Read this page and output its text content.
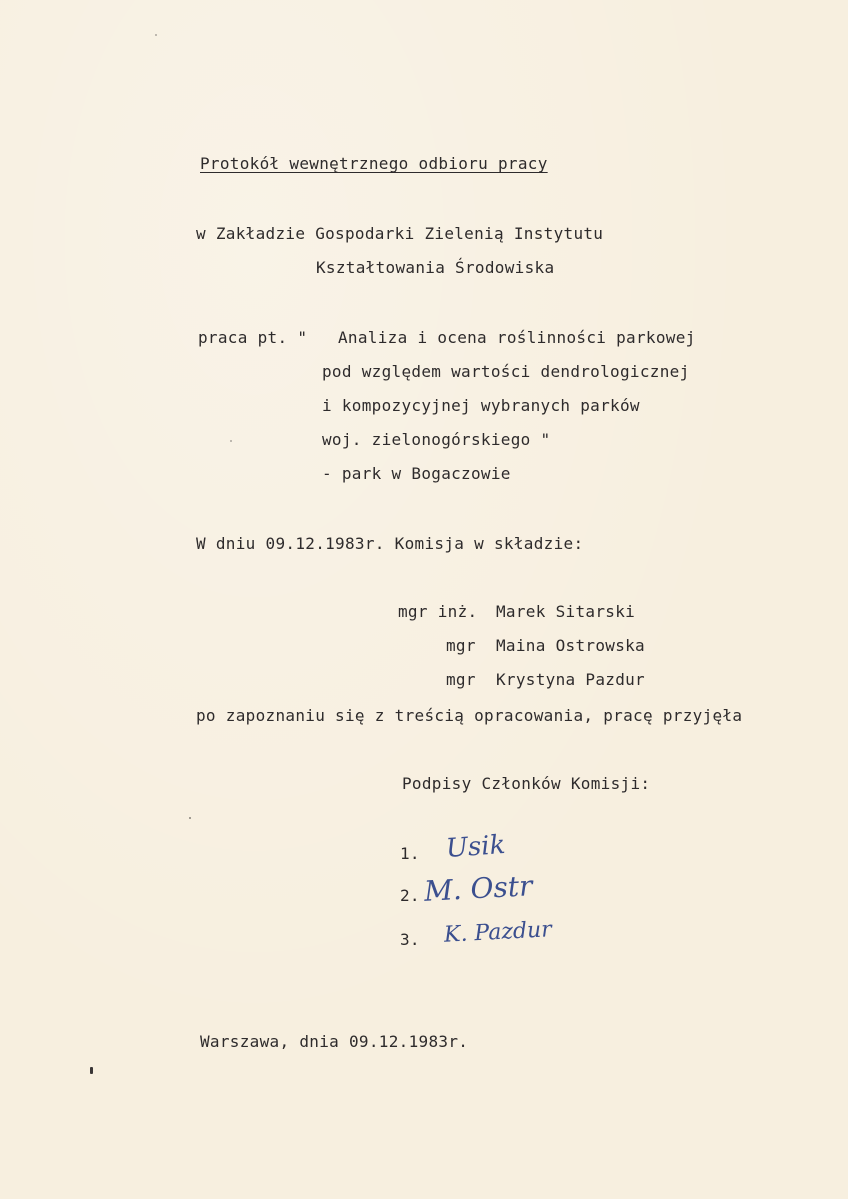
Protokół wewnętrznego odbioru pracy
w Zakładzie Gospodarki Zielenią Instytutu
Kształtowania Środowiska
praca pt. " Analiza i ocena roślinności parkowej
pod względem wartości dendrologicznej
i kompozycyjnej wybranych parków
woj. zielonogórskiego "
- park w Bogaczowie
W dniu 09.12.1983r. Komisja w składzie:
mgr inż. Marek Sitarski
mgr Maina Ostrowska
mgr Krystyna Pazdur
po zapoznaniu się z treścią opracowania, pracę przyjęła
Podpisy Członków Komisji:
1. Usik
2. M. Ostr
3. K. Pazdur
Warszawa, dnia 09.12.1983r.
